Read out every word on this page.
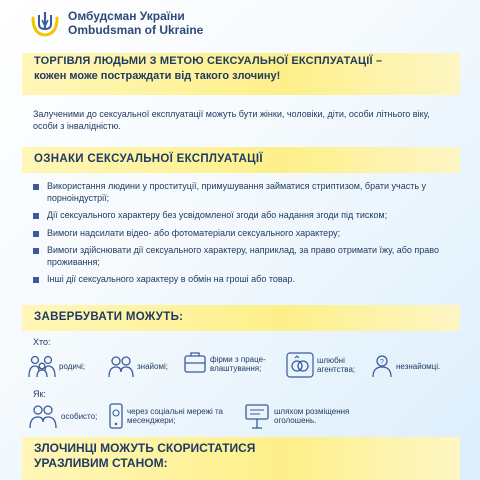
Омбудсман України
Ombudsman of Ukraine
ТОРГІВЛЯ ЛЮДЬМИ З МЕТОЮ СЕКСУАЛЬНОЇ ЕКСПЛУАТАЦІЇ –
кожен може постраждати від такого злочину!
Залученими до сексуальної експлуатації можуть бути жінки, чоловіки, діти, особи літнього віку, особи з інвалідністю.
ОЗНАКИ СЕКСУАЛЬНОЇ ЕКСПЛУАТАЦІЇ
Використання людини у проституції, примушування займатися стриптизом, брати участь у порноіндустрії;
Дії сексуального характеру без усвідомленої згоди або надання згоди під тиском;
Вимоги надсилати відео- або фотоматеріали сексуального характеру;
Вимоги здійснювати дії сексуального характеру, наприклад, за право отримати їжу, або право проживання;
Інші дії сексуального характеру в обмін на гроші або товар.
ЗАВЕРБУВАТИ МОЖУТЬ:
Хто:
родичі;	знайомі;
фірми з праце-влаштування;
шлюбні агентства;
? незнайомці.
Як:
особисто;	через соціальні мережі та месенджери;
шляхом розміщення оголошень.
ЗЛОЧИНЦІ МОЖУТЬ СКОРИСТАТИСЯ
УРАЗЛИВИМ СТАНОМ:
